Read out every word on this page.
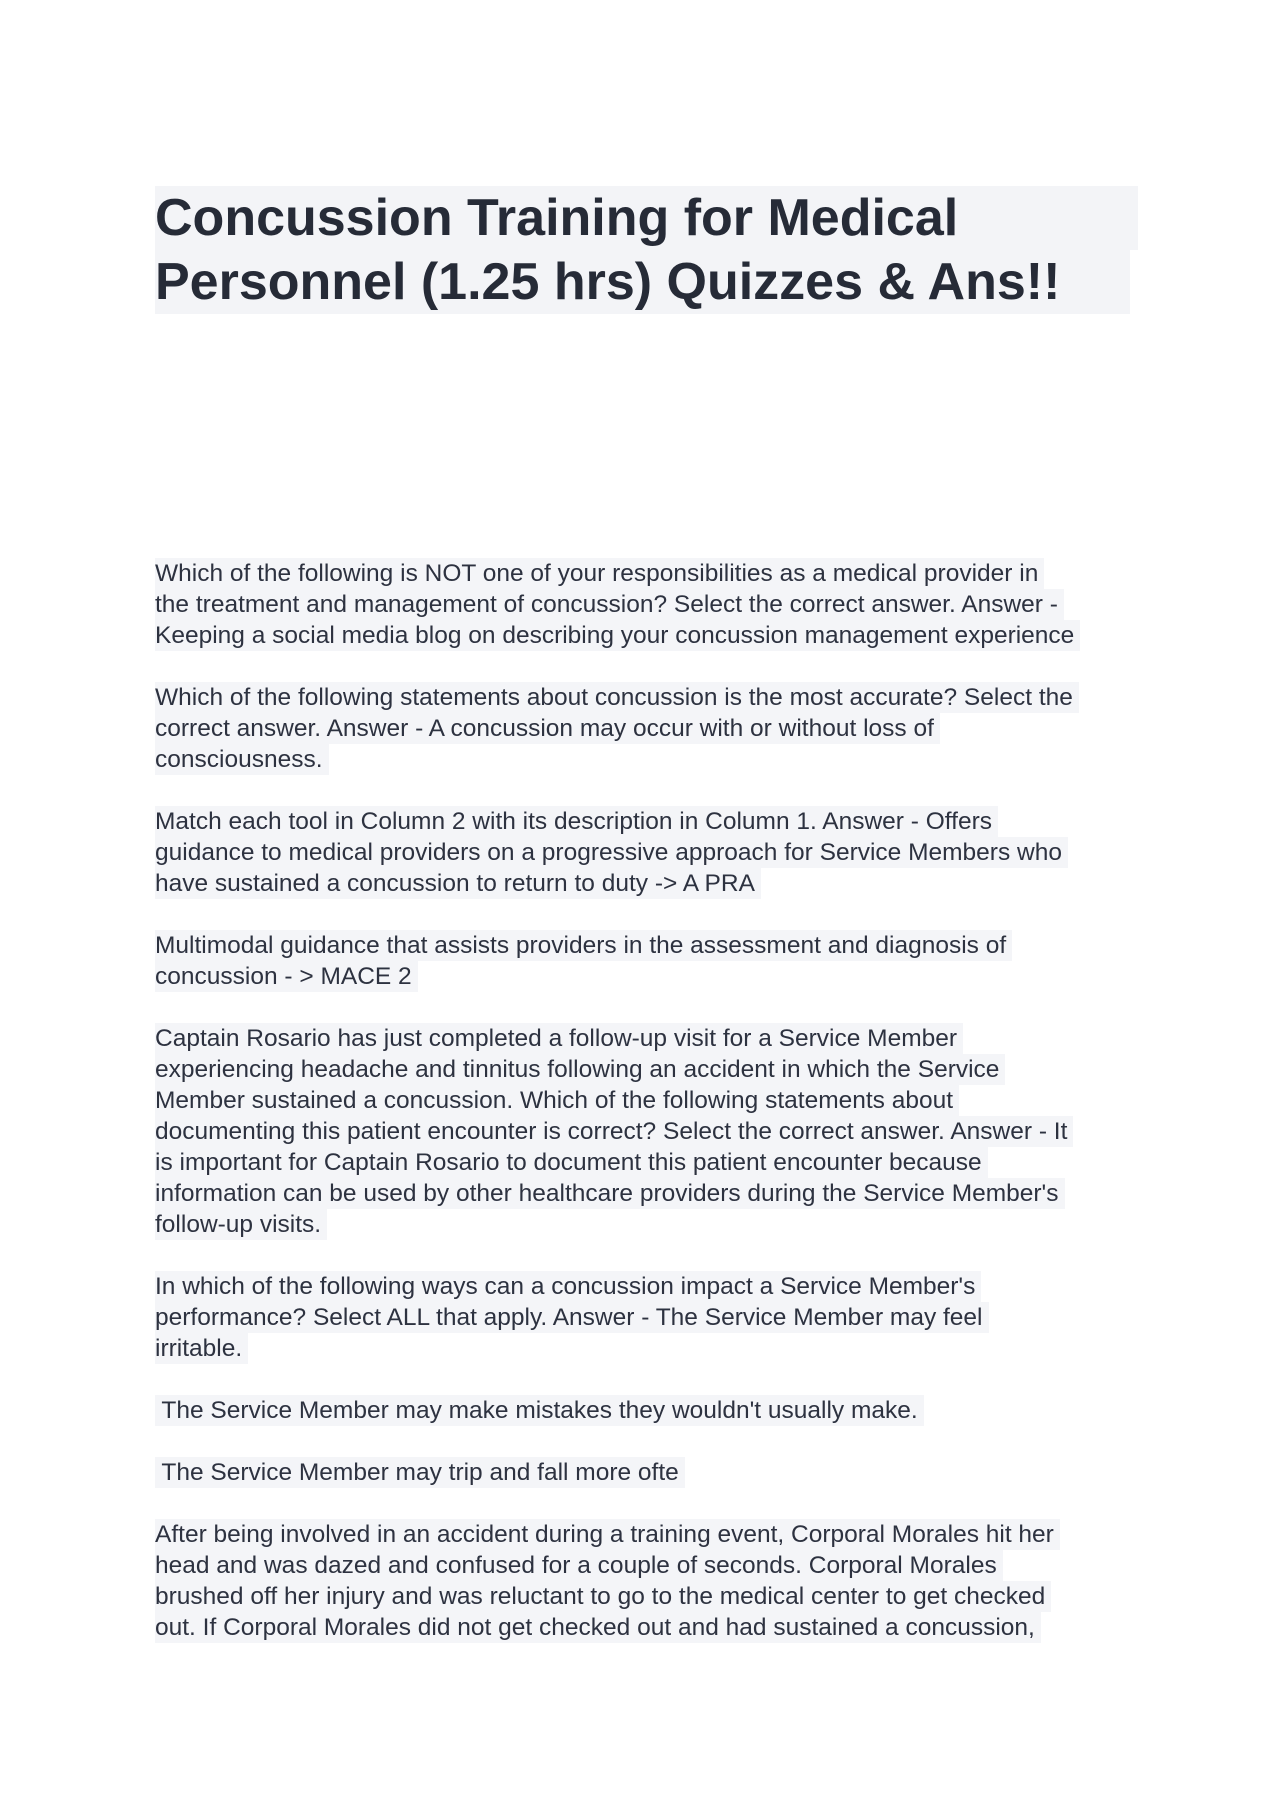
Concussion Training for Medical
Personnel (1.25 hrs) Quizzes & Ans!!
Which of the following is NOT one of your responsibilities as a medical provider in
the treatment and management of concussion? Select the correct answer. Answer -
Keeping a social media blog on describing your concussion management experience
Which of the following statements about concussion is the most accurate? Select the
correct answer. Answer - A concussion may occur with or without loss of
consciousness.
Match each tool in Column 2 with its description in Column 1. Answer - Offers
guidance to medical providers on a progressive approach for Service Members who
have sustained a concussion to return to duty -> A PRA
Multimodal guidance that assists providers in the assessment and diagnosis of
concussion - > MACE 2
Captain Rosario has just completed a follow-up visit for a Service Member
experiencing headache and tinnitus following an accident in which the Service
Member sustained a concussion. Which of the following statements about
documenting this patient encounter is correct? Select the correct answer. Answer - It
is important for Captain Rosario to document this patient encounter because
information can be used by other healthcare providers during the Service Member's
follow-up visits.
In which of the following ways can a concussion impact a Service Member's
performance? Select ALL that apply. Answer - The Service Member may feel
irritable.
The Service Member may make mistakes they wouldn't usually make.
The Service Member may trip and fall more ofte
After being involved in an accident during a training event, Corporal Morales hit her
head and was dazed and confused for a couple of seconds. Corporal Morales
brushed off her injury and was reluctant to go to the medical center to get checked
out. If Corporal Morales did not get checked out and had sustained a concussion,
